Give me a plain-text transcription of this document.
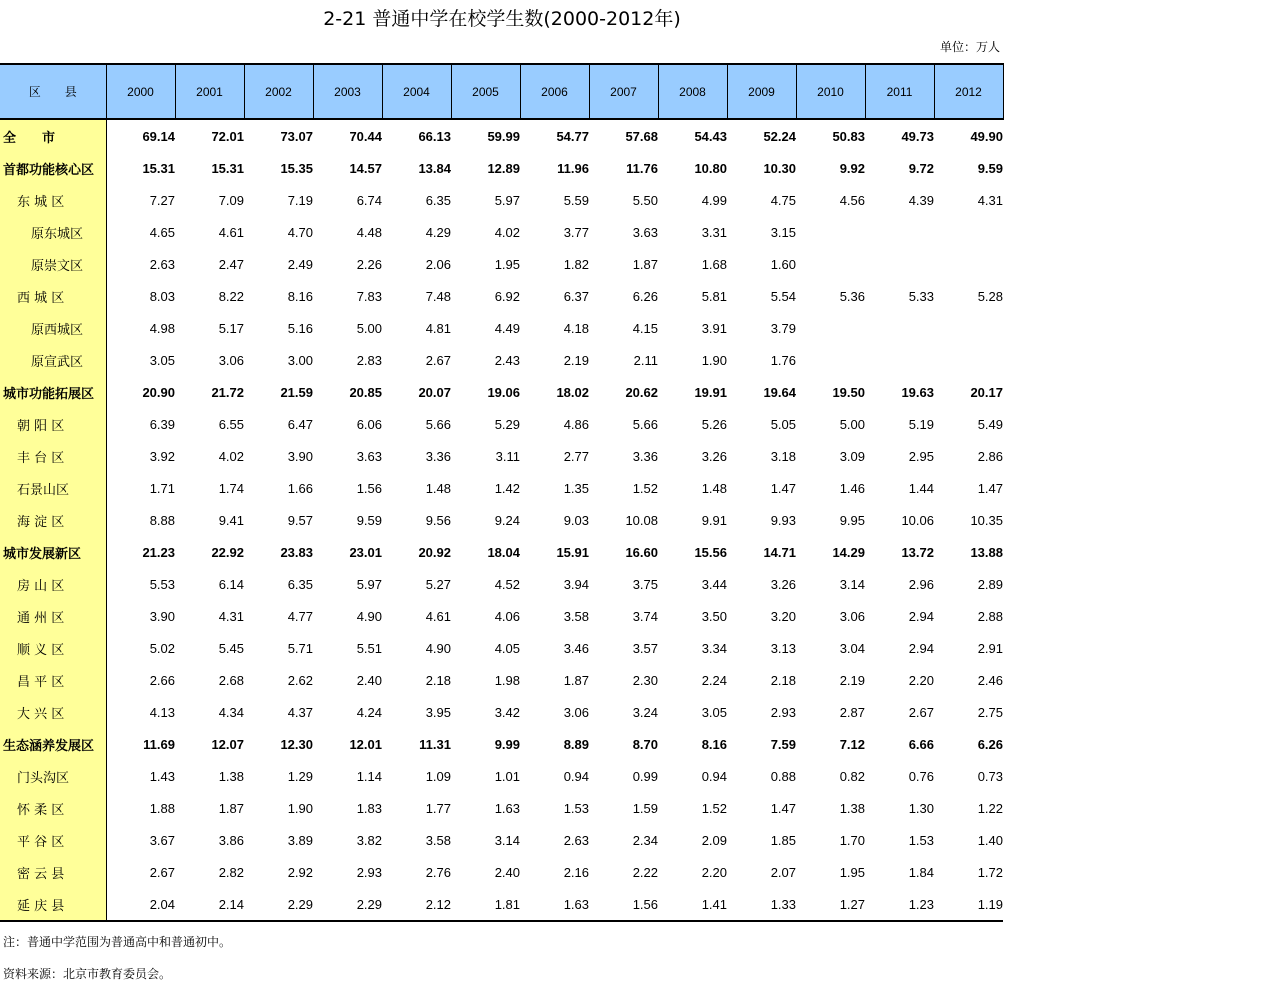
2-21 普通中学在校学生数(2000-2012年)
单位：万人
区　　县	2000	2001	2002	2003	2004	2005	2006	2007	2008	2009	2010	2011	2012
全　　市	69.14	72.01	73.07	70.44	66.13	59.99	54.77	57.68	54.43	52.24	50.83	49.73	49.90
首都功能核心区	15.31	15.31	15.35	14.57	13.84	12.89	11.96	11.76	10.80	10.30	9.92	9.72	9.59
东 城 区	7.27	7.09	7.19	6.74	6.35	5.97	5.59	5.50	4.99	4.75	4.56	4.39	4.31
原东城区	4.65	4.61	4.70	4.48	4.29	4.02	3.77	3.63	3.31	3.15			
原崇文区	2.63	2.47	2.49	2.26	2.06	1.95	1.82	1.87	1.68	1.60			
西 城 区	8.03	8.22	8.16	7.83	7.48	6.92	6.37	6.26	5.81	5.54	5.36	5.33	5.28
原西城区	4.98	5.17	5.16	5.00	4.81	4.49	4.18	4.15	3.91	3.79			
原宣武区	3.05	3.06	3.00	2.83	2.67	2.43	2.19	2.11	1.90	1.76			
城市功能拓展区	20.90	21.72	21.59	20.85	20.07	19.06	18.02	20.62	19.91	19.64	19.50	19.63	20.17
朝 阳 区	6.39	6.55	6.47	6.06	5.66	5.29	4.86	5.66	5.26	5.05	5.00	5.19	5.49
丰 台 区	3.92	4.02	3.90	3.63	3.36	3.11	2.77	3.36	3.26	3.18	3.09	2.95	2.86
石景山区	1.71	1.74	1.66	1.56	1.48	1.42	1.35	1.52	1.48	1.47	1.46	1.44	1.47
海 淀 区	8.88	9.41	9.57	9.59	9.56	9.24	9.03	10.08	9.91	9.93	9.95	10.06	10.35
城市发展新区	21.23	22.92	23.83	23.01	20.92	18.04	15.91	16.60	15.56	14.71	14.29	13.72	13.88
房 山 区	5.53	6.14	6.35	5.97	5.27	4.52	3.94	3.75	3.44	3.26	3.14	2.96	2.89
通 州 区	3.90	4.31	4.77	4.90	4.61	4.06	3.58	3.74	3.50	3.20	3.06	2.94	2.88
顺 义 区	5.02	5.45	5.71	5.51	4.90	4.05	3.46	3.57	3.34	3.13	3.04	2.94	2.91
昌 平 区	2.66	2.68	2.62	2.40	2.18	1.98	1.87	2.30	2.24	2.18	2.19	2.20	2.46
大 兴 区	4.13	4.34	4.37	4.24	3.95	3.42	3.06	3.24	3.05	2.93	2.87	2.67	2.75
生态涵养发展区	11.69	12.07	12.30	12.01	11.31	9.99	8.89	8.70	8.16	7.59	7.12	6.66	6.26
门头沟区	1.43	1.38	1.29	1.14	1.09	1.01	0.94	0.99	0.94	0.88	0.82	0.76	0.73
怀 柔 区	1.88	1.87	1.90	1.83	1.77	1.63	1.53	1.59	1.52	1.47	1.38	1.30	1.22
平 谷 区	3.67	3.86	3.89	3.82	3.58	3.14	2.63	2.34	2.09	1.85	1.70	1.53	1.40
密 云 县	2.67	2.82	2.92	2.93	2.76	2.40	2.16	2.22	2.20	2.07	1.95	1.84	1.72
延 庆 县	2.04	2.14	2.29	2.29	2.12	1.81	1.63	1.56	1.41	1.33	1.27	1.23	1.19
注：普通中学范围为普通高中和普通初中。
资料来源：北京市教育委员会。
